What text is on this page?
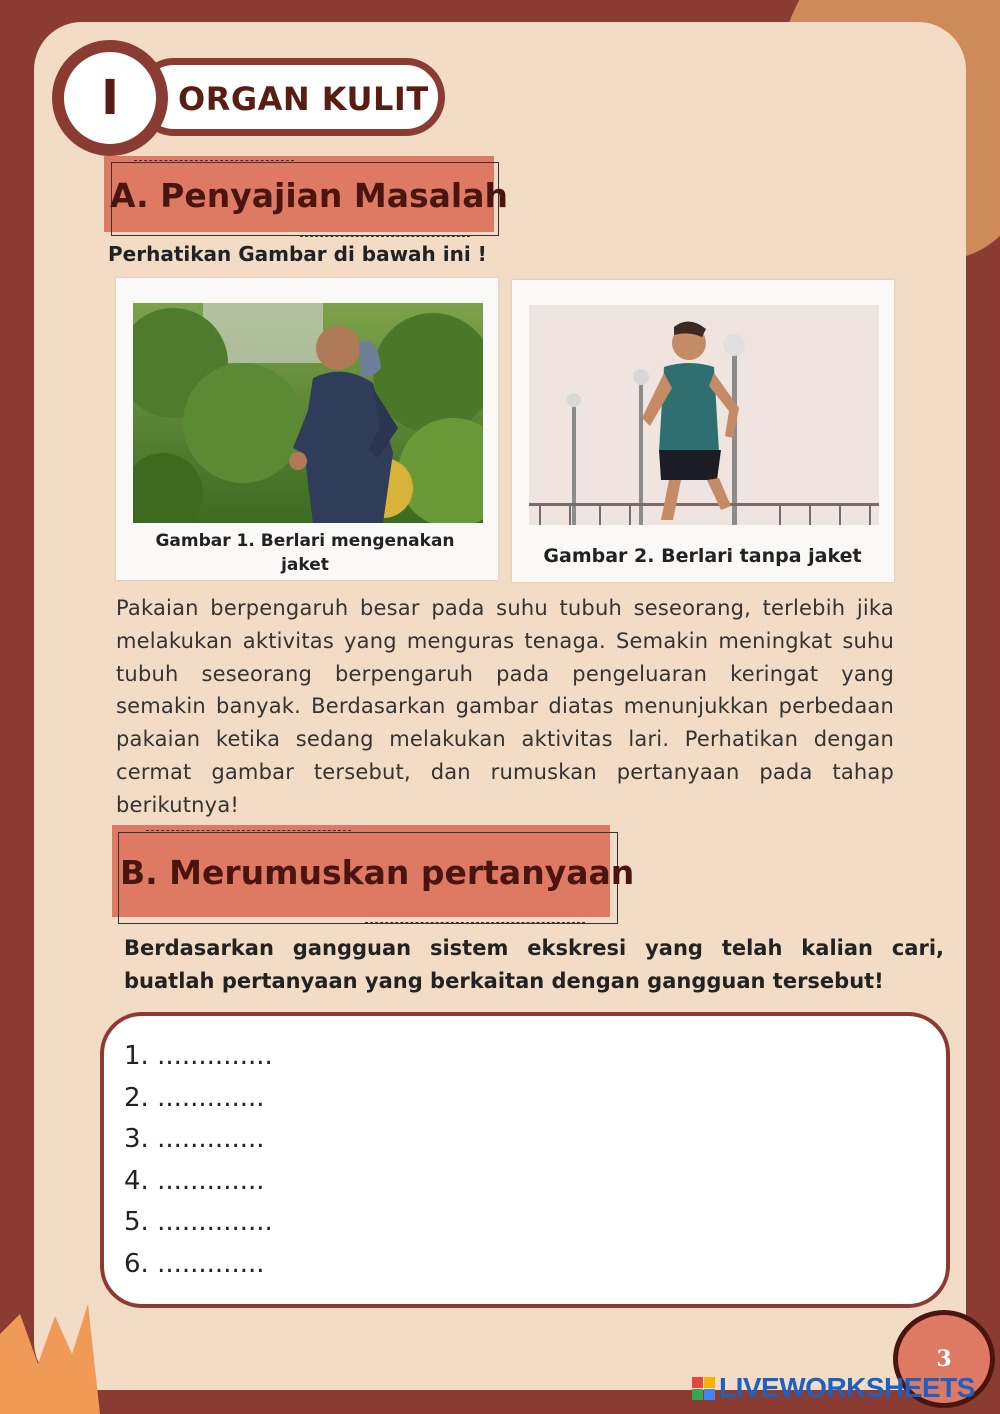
ORGAN KULIT
I
A. Penyajian Masalah
Perhatikan Gambar di bawah ini !
Gambar 1. Berlari mengenakan jaket	Gambar 2. Berlari tanpa jaket
Pakaian berpengaruh besar pada suhu tubuh seseorang, terlebih jika melakukan aktivitas yang menguras tenaga. Semakin meningkat suhu tubuh seseorang berpengaruh pada pengeluaran keringat yang semakin banyak. Berdasarkan gambar diatas menunjukkan perbedaan pakaian ketika sedang melakukan aktivitas lari. Perhatikan dengan cermat gambar tersebut, dan rumuskan pertanyaan pada tahap berikutnya!
B. Merumuskan pertanyaan
Berdasarkan gangguan sistem ekskresi yang telah kalian cari, buatlah pertanyaan yang berkaitan dengan gangguan tersebut!
1. ..............
2. .............
3. .............
4. .............
5. ..............
6. .............
3
LIVEWORKSHEETS
